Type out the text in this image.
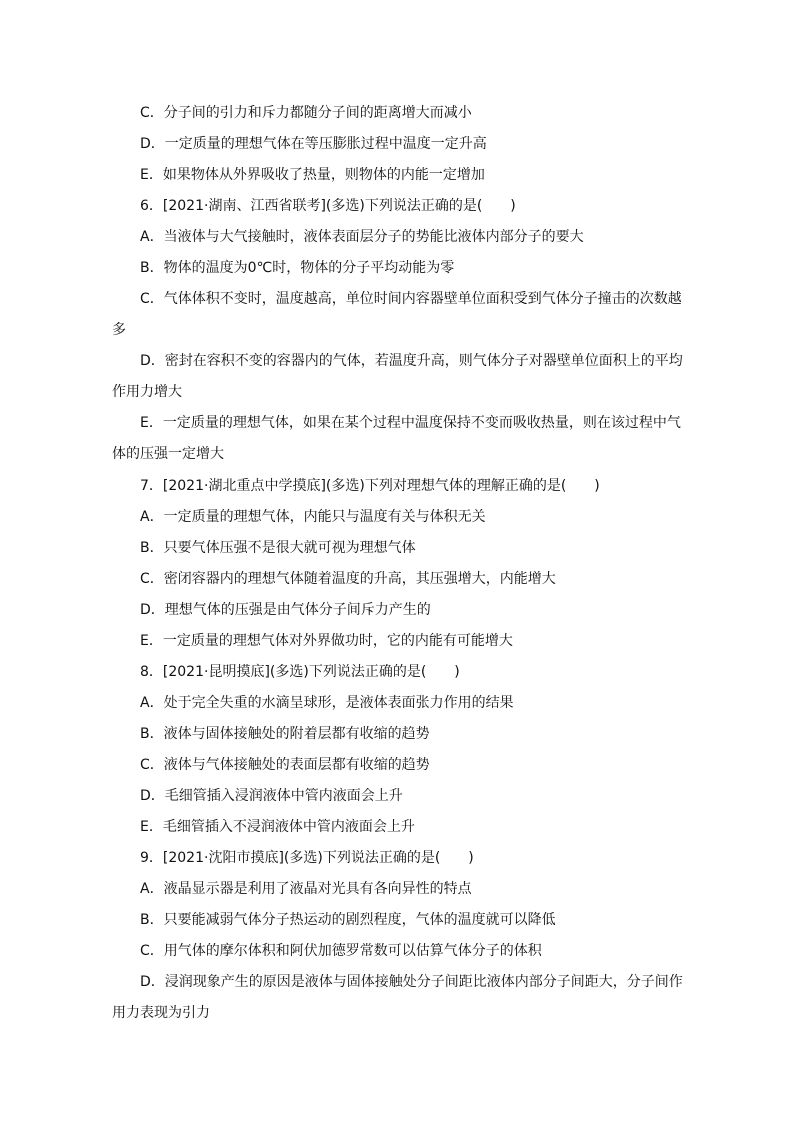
C．分子间的引力和斥力都随分子间的距离增大而减小
D．一定质量的理想气体在等压膨胀过程中温度一定升高
E．如果物体从外界吸收了热量，则物体的内能一定增加
6．[2021·湖南、江西省联考](多选)下列说法正确的是(　　)
A．当液体与大气接触时，液体表面层分子的势能比液体内部分子的要大
B．物体的温度为0℃时，物体的分子平均动能为零
C．气体体积不变时，温度越高，单位时间内容器壁单位面积受到气体分子撞击的次数越
多
D．密封在容积不变的容器内的气体，若温度升高，则气体分子对器壁单位面积上的平均
作用力增大
E．一定质量的理想气体，如果在某个过程中温度保持不变而吸收热量，则在该过程中气
体的压强一定增大
7．[2021·湖北重点中学摸底](多选)下列对理想气体的理解正确的是(　　)
A．一定质量的理想气体，内能只与温度有关与体积无关
B．只要气体压强不是很大就可视为理想气体
C．密闭容器内的理想气体随着温度的升高，其压强增大，内能增大
D．理想气体的压强是由气体分子间斥力产生的
E．一定质量的理想气体对外界做功时，它的内能有可能增大
8．[2021·昆明摸底](多选)下列说法正确的是(　　)
A．处于完全失重的水滴呈球形，是液体表面张力作用的结果
B．液体与固体接触处的附着层都有收缩的趋势
C．液体与气体接触处的表面层都有收缩的趋势
D．毛细管插入浸润液体中管内液面会上升
E．毛细管插入不浸润液体中管内液面会上升
9．[2021·沈阳市摸底](多选)下列说法正确的是(　　)
A．液晶显示器是利用了液晶对光具有各向异性的特点
B．只要能减弱气体分子热运动的剧烈程度，气体的温度就可以降低
C．用气体的摩尔体积和阿伏加德罗常数可以估算气体分子的体积
D．浸润现象产生的原因是液体与固体接触处分子间距比液体内部分子间距大，分子间作
用力表现为引力
